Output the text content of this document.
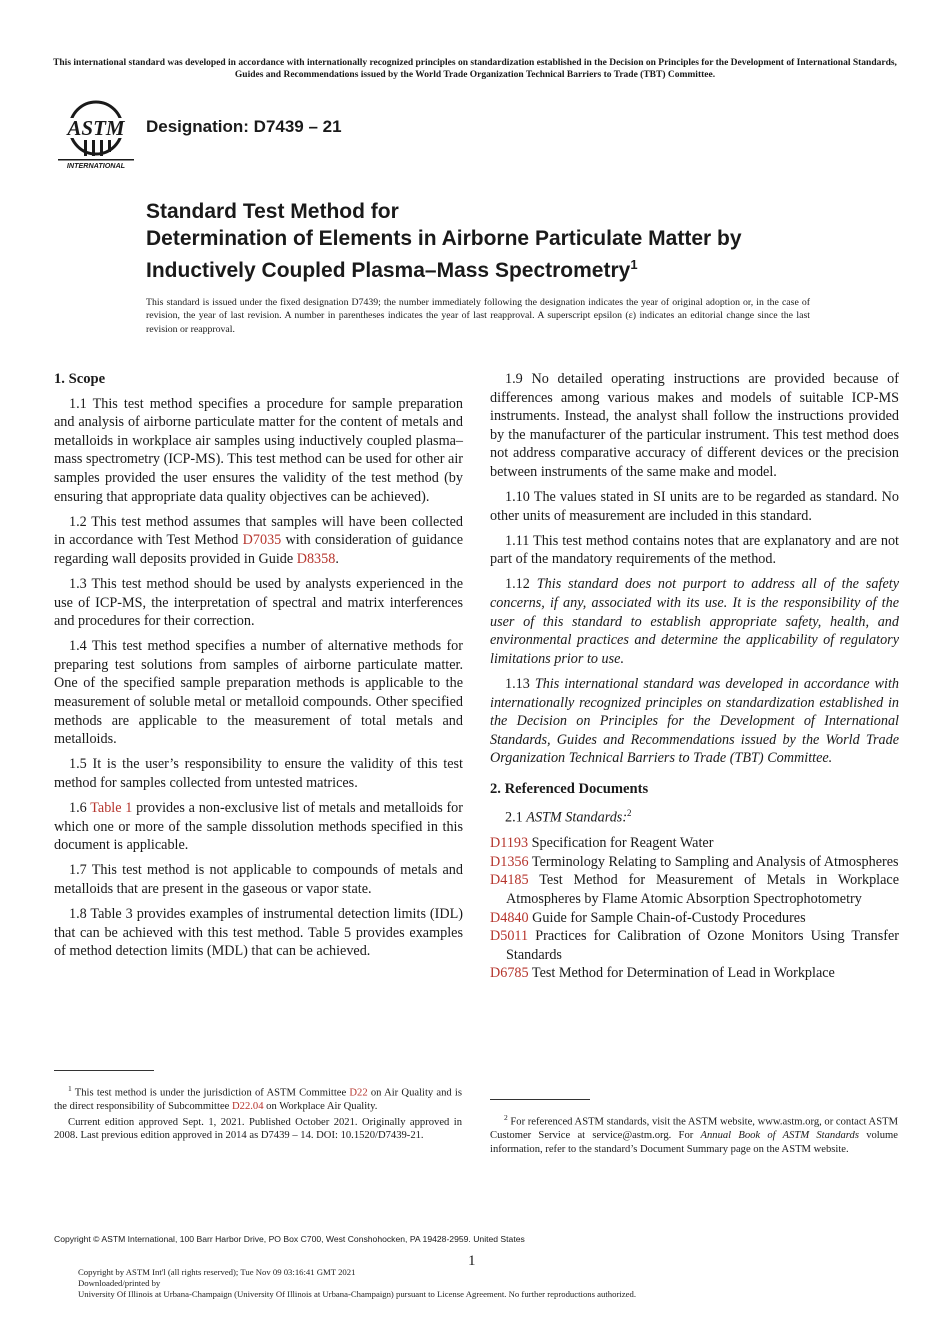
This international standard was developed in accordance with internationally recognized principles on standardization established in the Decision on Principles for the Development of International Standards, Guides and Recommendations issued by the World Trade Organization Technical Barriers to Trade (TBT) Committee.
ASTM
INTERNATIONAL
Designation: D7439 – 21
Standard Test Method for
Determination of Elements in Airborne Particulate Matter by
Inductively Coupled Plasma–Mass Spectrometry$^1$
This standard is issued under the fixed designation D7439; the number immediately following the designation indicates the year of original adoption or, in the case of revision, the year of last revision. A number in parentheses indicates the year of last reapproval. A superscript epsilon (ε) indicates an editorial change since the last revision or reapproval.
1. Scope

1.1 This test method specifies a procedure for sample preparation and analysis of airborne particulate matter for the content of metals and metalloids in workplace air samples using inductively coupled plasma–mass spectrometry (ICP-MS). This test method can be used for other air samples provided the user ensures the validity of the test method (by ensuring that appropriate data quality objectives can be achieved).

1.2 This test method assumes that samples will have been collected in accordance with Test Method D7035 with consideration of guidance regarding wall deposits provided in Guide D8358.

1.3 This test method should be used by analysts experienced in the use of ICP-MS, the interpretation of spectral and matrix interferences and procedures for their correction.

1.4 This test method specifies a number of alternative methods for preparing test solutions from samples of airborne particulate matter. One of the specified sample preparation methods is applicable to the measurement of soluble metal or metalloid compounds. Other specified methods are applicable to the measurement of total metals and metalloids.

1.5 It is the user’s responsibility to ensure the validity of this test method for samples collected from untested matrices.

1.6 Table 1 provides a non-exclusive list of metals and metalloids for which one or more of the sample dissolution methods specified in this document is applicable.

1.7 This test method is not applicable to compounds of metals and metalloids that are present in the gaseous or vapor state.

1.8 Table 3 provides examples of instrumental detection limits (IDL) that can be achieved with this test method. Table 5 provides examples of method detection limits (MDL) that can be achieved.

$^1$ This test method is under the jurisdiction of ASTM Committee D22 on Air Quality and is the direct responsibility of Subcommittee D22.04 on Workplace Air Quality.

Current edition approved Sept. 1, 2021. Published October 2021. Originally approved in 2008. Last previous edition approved in 2014 as D7439 – 14. DOI: 10.1520/D7439-21.

1.9 No detailed operating instructions are provided because of differences among various makes and models of suitable ICP-MS instruments. Instead, the analyst shall follow the instructions provided by the manufacturer of the particular instrument. This test method does not address comparative accuracy of different devices or the precision between instruments of the same make and model.

1.10 The values stated in SI units are to be regarded as standard. No other units of measurement are included in this standard.

1.11 This test method contains notes that are explanatory and are not part of the mandatory requirements of the method.

1.12 This standard does not purport to address all of the safety concerns, if any, associated with its use. It is the responsibility of the user of this standard to establish appropriate safety, health, and environmental practices and determine the applicability of regulatory limitations prior to use.

1.13 This international standard was developed in accordance with internationally recognized principles on standardization established in the Decision on Principles for the Development of International Standards, Guides and Recommendations issued by the World Trade Organization Technical Barriers to Trade (TBT) Committee.

2. Referenced Documents

2.1 ASTM Standards:$^2$

D1193 Specification for Reagent Water
D1356 Terminology Relating to Sampling and Analysis of Atmospheres
D4185 Test Method for Measurement of Metals in Workplace Atmospheres by Flame Atomic Absorption Spectrophotometry
D4840 Guide for Sample Chain-of-Custody Procedures
D5011 Practices for Calibration of Ozone Monitors Using Transfer Standards
D6785 Test Method for Determination of Lead in Workplace

$^2$ For referenced ASTM standards, visit the ASTM website, www.astm.org, or contact ASTM Customer Service at service@astm.org. For Annual Book of ASTM Standards volume information, refer to the standard’s Document Summary page on the ASTM website.

Copyright © ASTM International, 100 Barr Harbor Drive, PO Box C700, West Conshohocken, PA 19428-2959. United States
1
Copyright by ASTM Int'l (all rights reserved); Tue Nov 09 03:16:41 GMT 2021
Downloaded/printed by
University Of Illinois at Urbana-Champaign (University Of Illinois at Urbana-Champaign) pursuant to License Agreement. No further reproductions authorized.
